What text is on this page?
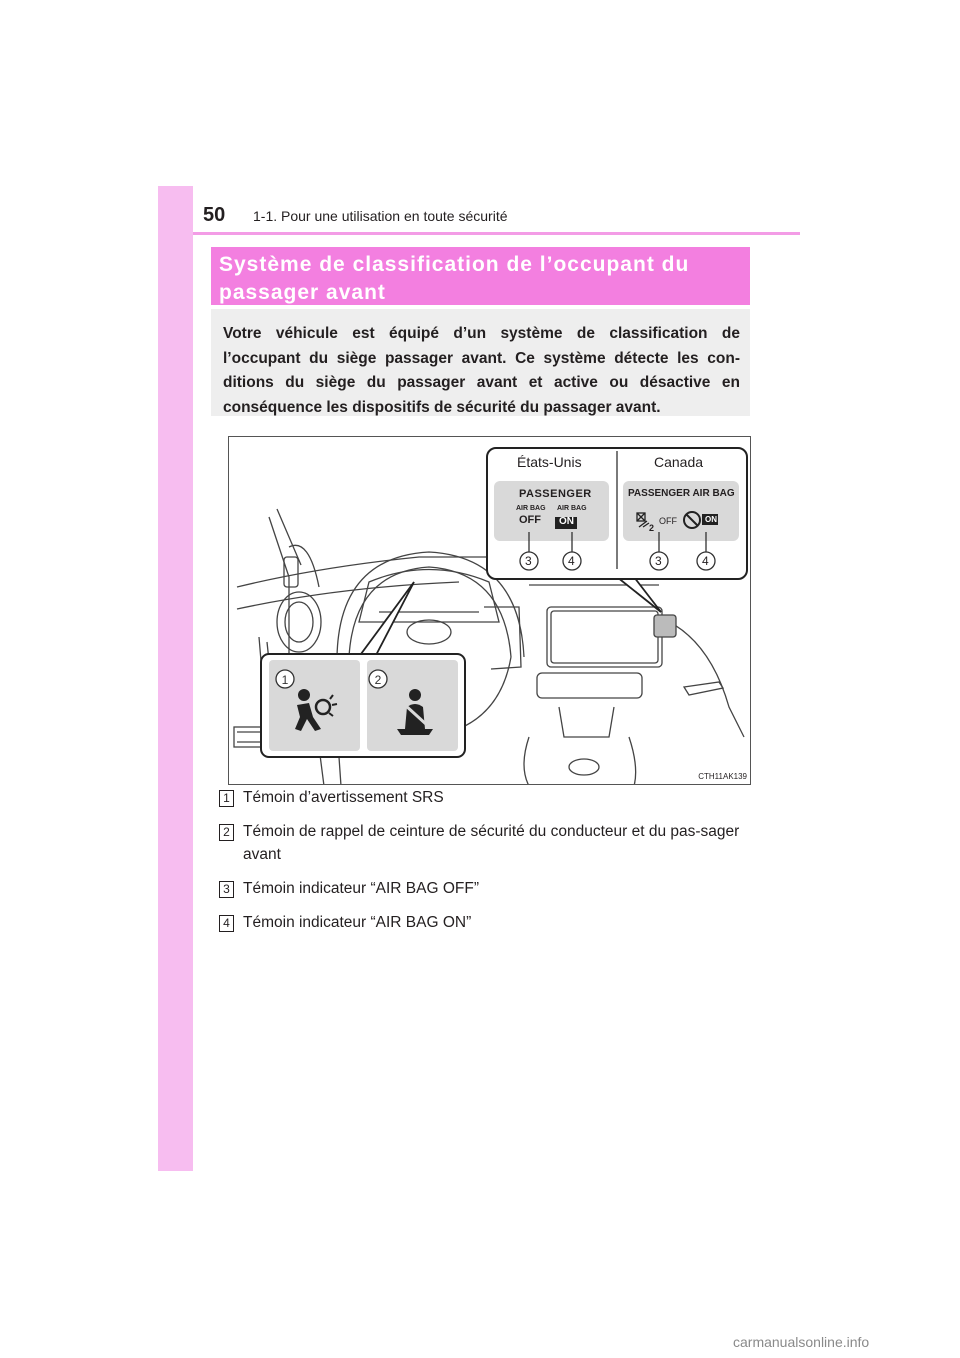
50 1-1. Pour une utilisation en toute sécurité
Système de classification de l’occupant du passager avant
Votre véhicule est équipé d’un système de classification de l’occupant du siège passager avant. Ce système détecte les con-ditions du siège du passager avant et active ou désactive en conséquence les dispositifs de sécurité du passager avant.
1	2
États-Unis	Canada
PASSENGER
AIR BAG
OFF
AIR BAG
ON
PASSENGER AIR BAG
2
OFF	ON
3	4	3	4
CTH11AK139
1 Témoin d’avertissement SRS
2 Témoin de rappel de ceinture de sécurité du conducteur et du pas-sager avant
3 Témoin indicateur “AIR BAG OFF”
4 Témoin indicateur “AIR BAG ON”
carmanualsonline.info
